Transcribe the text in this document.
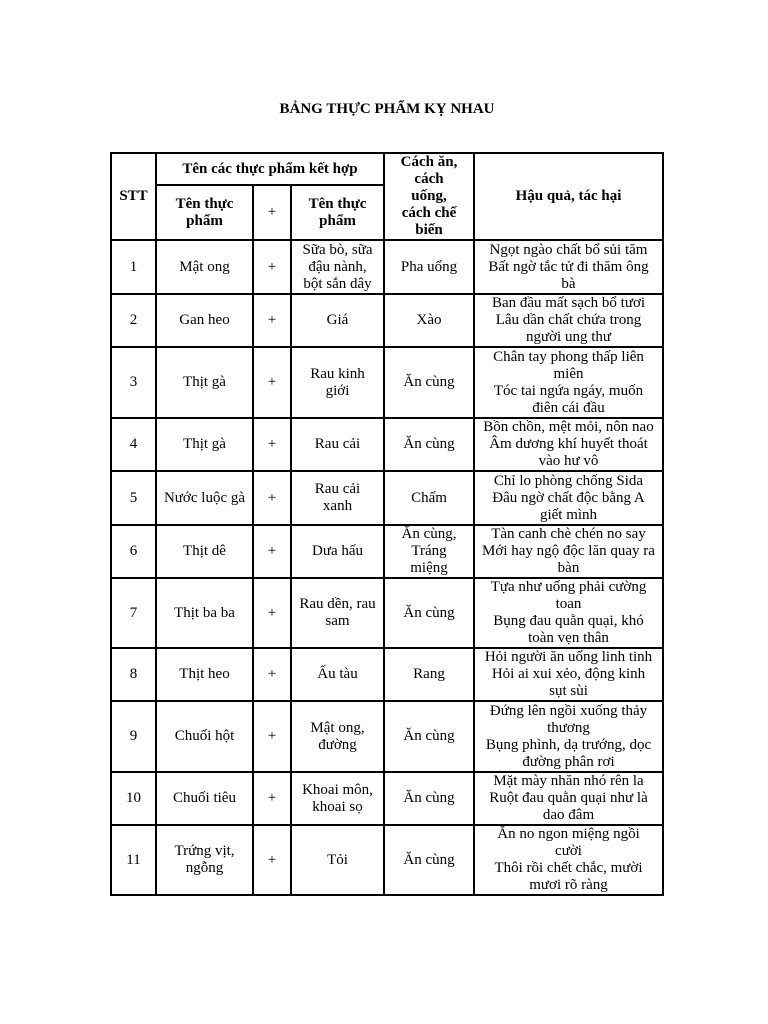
BẢNG THỰC PHẨM KỴ NHAU
STT	Tên các thực phẩm kết hợp			Cách ăn, cách uống, cách chế biến	Hậu quả, tác hại
	Tên thực phẩm	+	Tên thực phẩm		
1	Mật ong	+	Sữa bò, sữa đậu nành, bột sắn dây	Pha uống	Ngọt ngào chất bổ sủi tăm
Bất ngờ tắc tử đi thăm ông bà

2	Gan heo	+	Giá	Xào	Ban đầu mất sạch bổ tươi
Lâu dần chất chứa trong người ung thư

3	Thịt gà	+	Rau kinh giới	Ăn cùng	Chân tay phong thấp liên miên
Tóc tai ngứa ngáy, muốn điên cái đầu

4	Thịt gà	+	Rau cải	Ăn cùng	Bồn chồn, mệt mỏi, nôn nao
Âm dương khí huyết thoát vào hư vô

5	Nước luộc gà	+	Rau cải xanh	Chấm	Chỉ lo phòng chống Sida
Đâu ngờ chất độc bằng A giết mình

6	Thịt dê	+	Dưa hấu	Ăn cùng, Tráng miệng	Tàn canh chè chén no say
Mới hay ngộ độc lăn quay ra bàn

7	Thịt ba ba	+	Rau dền, rau sam	Ăn cùng	Tựa như uống phải cường toan
Bụng đau quằn quại, khó toàn vẹn thân

8	Thịt heo	+	Ấu tàu	Rang	Hỏi người ăn uống linh tinh
Hỏi ai xui xẻo, động kinh sụt sùi

9	Chuối hột	+	Mật ong, đường	Ăn cùng	Đứng lên ngồi xuống thảy thương
Bụng phình, dạ trướng, dọc đường phân rơi

10	Chuối tiêu	+	Khoai môn, khoai sọ	Ăn cùng	Mặt mày nhăn nhó rên la
Ruột đau quằn quại như là dao đâm

11	Trứng vịt, ngỗng	+	Tỏi	Ăn cùng	Ăn no ngon miệng ngồi cười
Thôi rồi chết chắc, mười mươi rõ ràng
